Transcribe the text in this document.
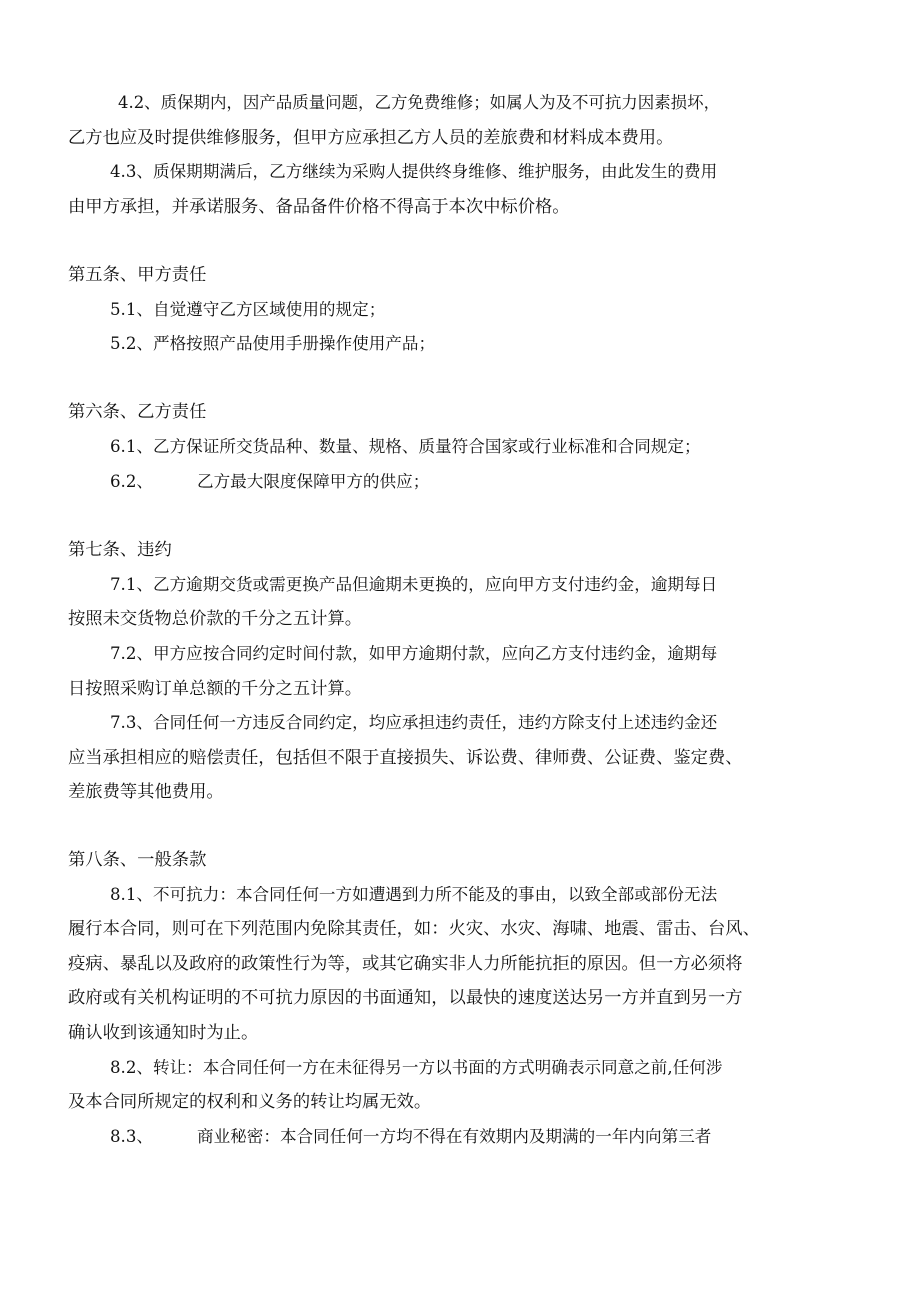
4.2、质保期内，因产品质量问题，乙方免费维修；如属人为及不可抗力因素损坏，
乙方也应及时提供维修服务，但甲方应承担乙方人员的差旅费和材料成本费用。
4.3、质保期期满后，乙方继续为采购人提供终身维修、维护服务，由此发生的费用
由甲方承担，并承诺服务、备品备件价格不得高于本次中标价格。
第五条、甲方责任
5.1、自觉遵守乙方区域使用的规定；
5.2、严格按照产品使用手册操作使用产品；
第六条、乙方责任
6.1、乙方保证所交货品种、数量、规格、质量符合国家或行业标准和合同规定；
6.2、	乙方最大限度保障甲方的供应；
第七条、违约
7.1、乙方逾期交货或需更换产品但逾期未更换的，应向甲方支付违约金，逾期每日
按照未交货物总价款的千分之五计算。
7.2、甲方应按合同约定时间付款，如甲方逾期付款，应向乙方支付违约金，逾期每
日按照采购订单总额的千分之五计算。
7.3、合同任何一方违反合同约定，均应承担违约责任，违约方除支付上述违约金还
应当承担相应的赔偿责任，包括但不限于直接损失、诉讼费、律师费、公证费、鉴定费、
差旅费等其他费用。
第八条、一般条款
8.1、不可抗力：本合同任何一方如遭遇到力所不能及的事由，以致全部或部份无法
履行本合同，则可在下列范围内免除其责任，如：火灾、水灾、海啸、地震、雷击、台风、
疫病、暴乱以及政府的政策性行为等，或其它确实非人力所能抗拒的原因。但一方必须将
政府或有关机构证明的不可抗力原因的书面通知，以最快的速度送达另一方并直到另一方
确认收到该通知时为止。
8.2、转让：本合同任何一方在未征得另一方以书面的方式明确表示同意之前,任何涉
及本合同所规定的权利和义务的转让均属无效。
8.3、	商业秘密：本合同任何一方均不得在有效期内及期满的一年内向第三者
